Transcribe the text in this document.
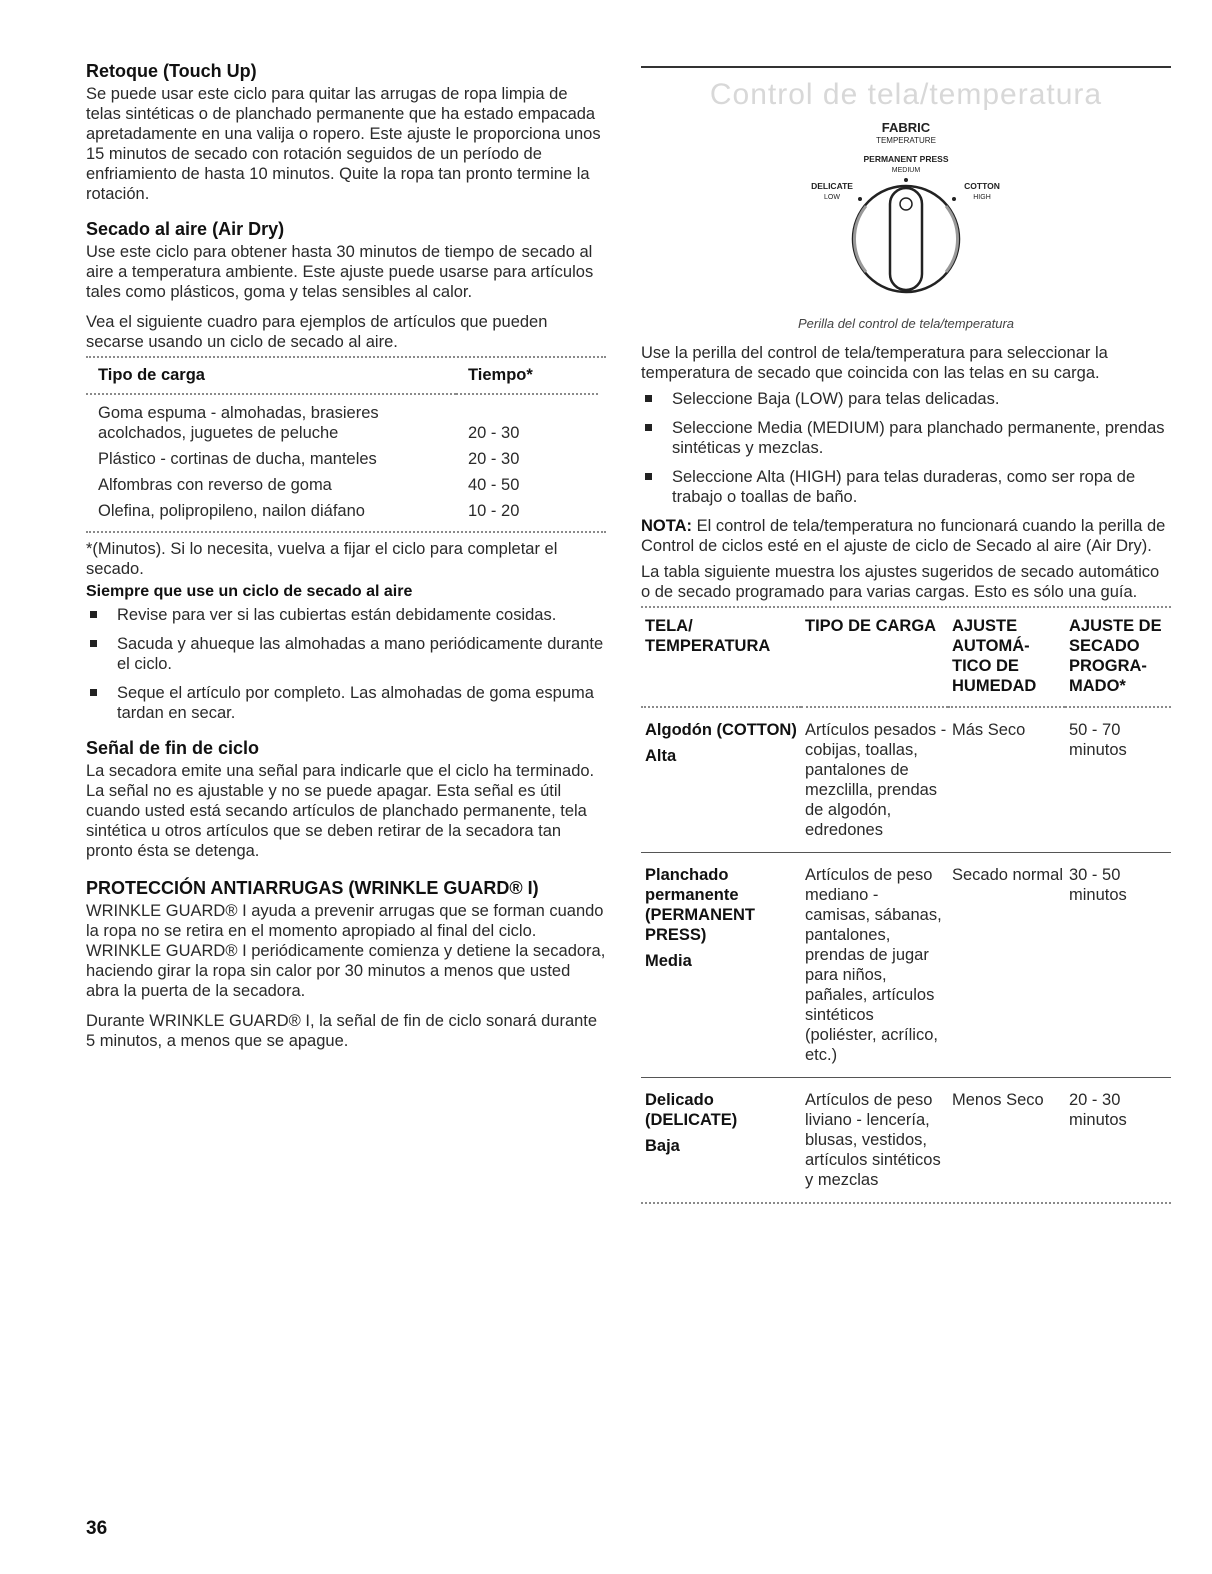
Retoque (Touch Up)
Se puede usar este ciclo para quitar las arrugas de ropa limpia de telas sintéticas o de planchado permanente que ha estado empacada apretadamente en una valija o ropero. Este ajuste le proporciona unos 15 minutos de secado con rotación seguidos de un período de enfriamiento de hasta 10 minutos. Quite la ropa tan pronto termine la rotación.
Secado al aire (Air Dry)
Use este ciclo para obtener hasta 30 minutos de tiempo de secado al aire a temperatura ambiente. Este ajuste puede usarse para artículos tales como plásticos, goma y telas sensibles al calor.
Vea el siguiente cuadro para ejemplos de artículos que pueden secarse usando un ciclo de secado al aire.
Tipo de carga	Tiempo*

Goma espuma - almohadas, brasieres acolchados, juguetes de peluche	20 - 30
Plástico - cortinas de ducha, manteles	20 - 30
Alfombras con reverso de goma	40 - 50
Olefina, polipropileno, nailon diáfano	10 - 20
*(Minutos). Si lo necesita, vuelva a fijar el ciclo para completar el secado.
Siempre que use un ciclo de secado al aire
Revise para ver si las cubiertas están debidamente cosidas.
Sacuda y ahueque las almohadas a mano periódicamente durante el ciclo.
Seque el artículo por completo. Las almohadas de goma espuma tardan en secar.
Señal de fin de ciclo
La secadora emite una señal para indicarle que el ciclo ha terminado. La señal no es ajustable y no se puede apagar. Esta señal es útil cuando usted está secando artículos de planchado permanente, tela sintética u otros artículos que se deben retirar de la secadora tan pronto ésta se detenga.
PROTECCIÓN ANTIARRUGAS (WRINKLE GUARD® I)
WRINKLE GUARD® I ayuda a prevenir arrugas que se forman cuando la ropa no se retira en el momento apropiado al final del ciclo. WRINKLE GUARD® I periódicamente comienza y detiene la secadora, haciendo girar la ropa sin calor por 30 minutos a menos que usted abra la puerta de la secadora.
Durante WRINKLE GUARD® I, la señal de fin de ciclo sonará durante 5 minutos, a menos que se apague.
Control de tela/temperatura
FABRIC
TEMPERATURE
PERMANENT PRESS
MEDIUM
DELICATE
LOW
COTTON
HIGH
Perilla del control de tela/temperatura
Use la perilla del control de tela/temperatura para seleccionar la temperatura de secado que coincida con las telas en su carga.
Seleccione Baja (LOW) para telas delicadas.
Seleccione Media (MEDIUM) para planchado permanente, prendas sintéticas y mezclas.
Seleccione Alta (HIGH) para telas duraderas, como ser ropa de trabajo o toallas de baño.
NOTA: El control de tela/temperatura no funcionará cuando la perilla de Control de ciclos esté en el ajuste de ciclo de Secado al aire (Air Dry).
La tabla siguiente muestra los ajustes sugeridos de secado automático o de secado programado para varias cargas. Esto es sólo una guía.
TELA/ TEMPERATURA	TIPO DE CARGA	AJUSTE AUTOMÁ- TICO DE HUMEDAD	AJUSTE DE SECADO PROGRA- MADO*

Algodón (COTTON)
Alta	Artículos pesados - cobijas, toallas, pantalones de mezclilla, prendas de algodón, edredones	Más Seco	50 - 70 minutos

Planchado permanente (PERMANENT PRESS)
Media	Artículos de peso mediano - camisas, sábanas, pantalones, prendas de jugar para niños, pañales, artículos sintéticos (poliéster, acrílico, etc.)	Secado normal	30 - 50 minutos

Delicado (DELICATE)
Baja	Artículos de peso liviano - lencería, blusas, vestidos, artículos sintéticos y mezclas	Menos Seco	20 - 30 minutos
36
